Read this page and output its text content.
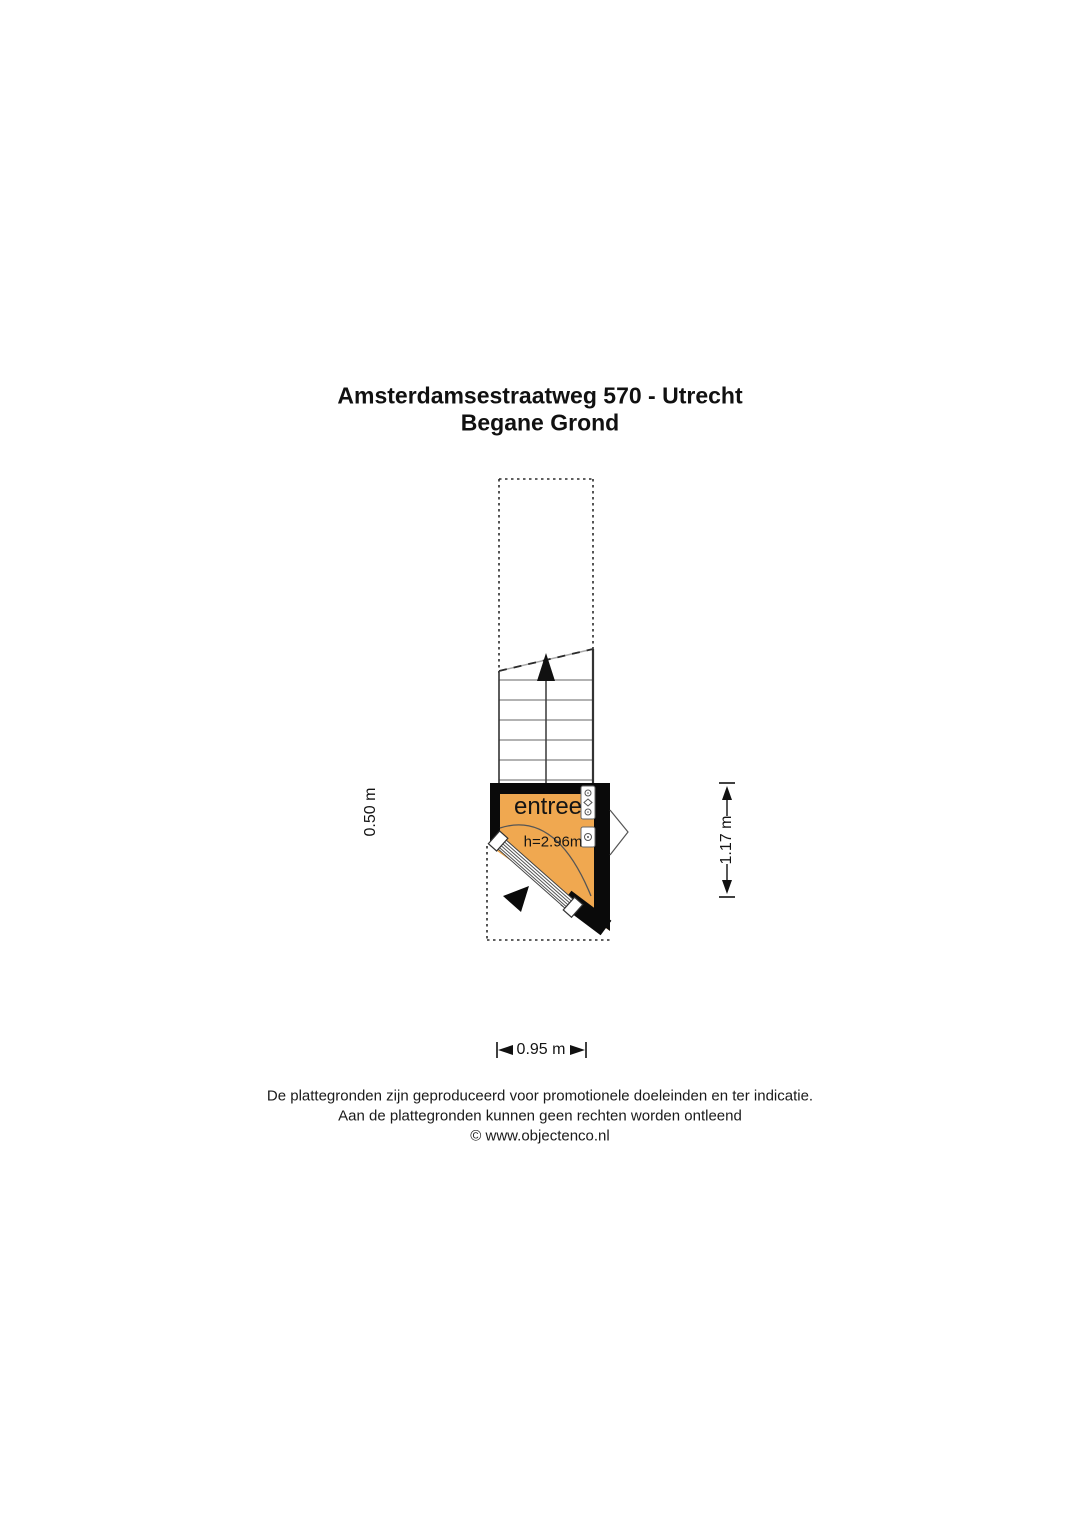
Amsterdamsestraatweg 570 - Utrecht
Begane Grond
entree
h=2.96m
0.50 m
1.17 m
0.95 m
De plattegronden zijn geproduceerd voor promotionele doeleinden en ter indicatie.
Aan de plattegronden kunnen geen rechten worden ontleend
© www.objectenco.nl
